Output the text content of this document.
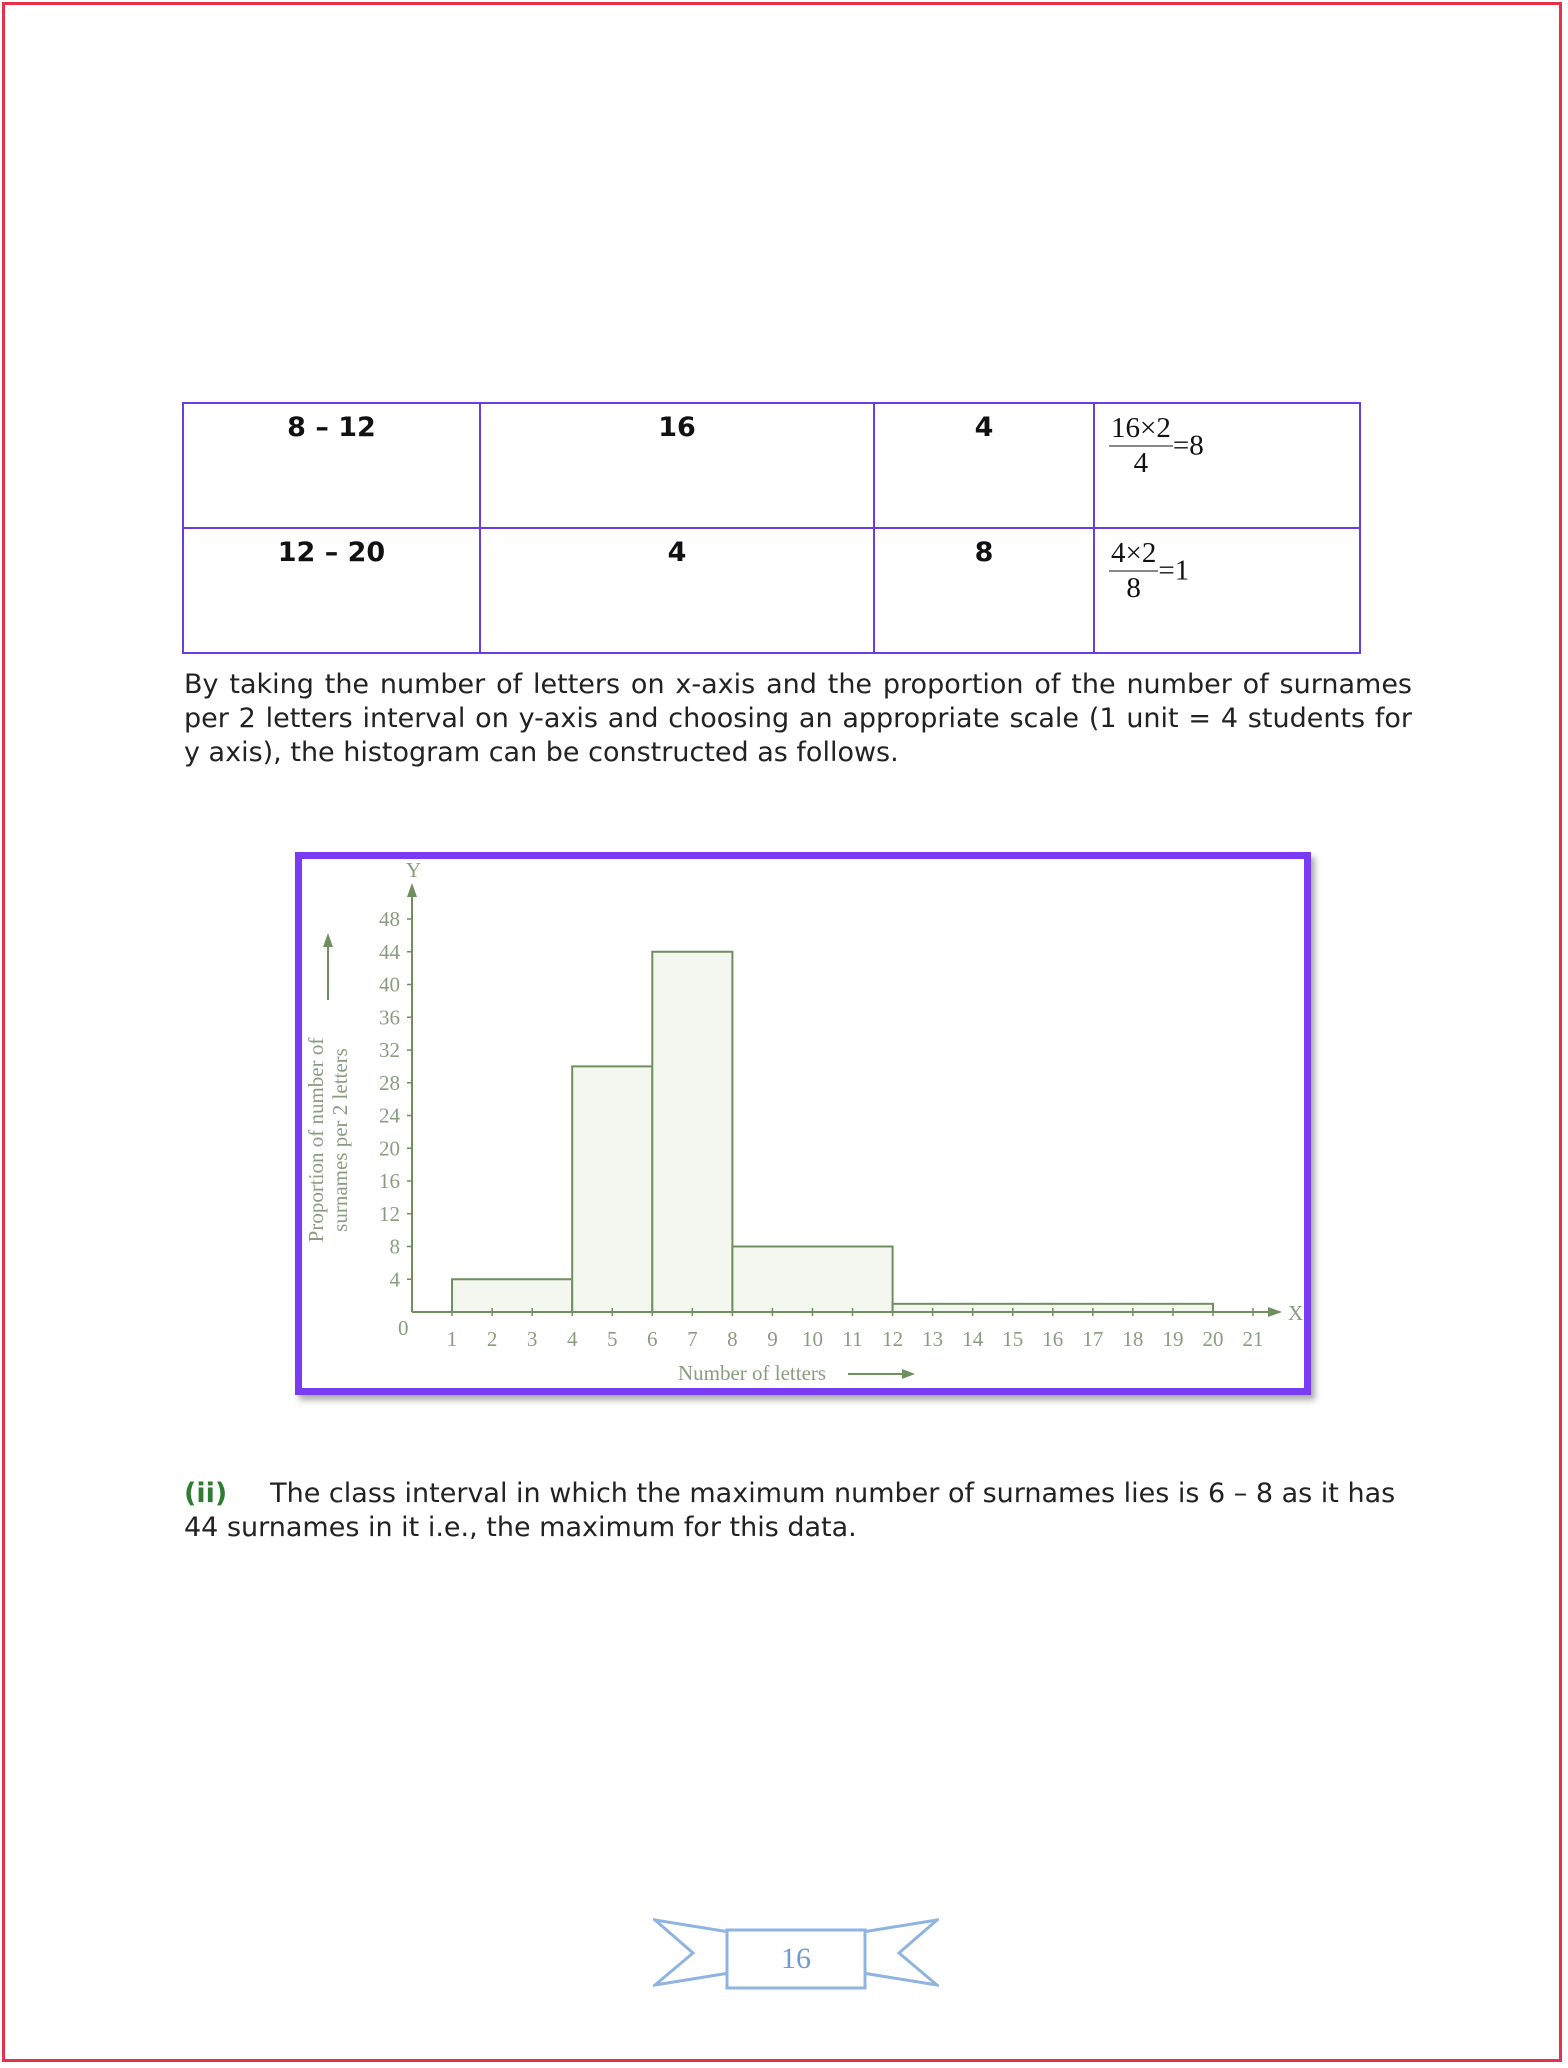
8 – 12	16	4	$\frac{16\times 2}{4} =8$
12 – 20	4	8	$\frac{4\times 2}{8} =1$

By taking the number of letters on x-axis and the proportion of the number of surnames per 2 letters interval on y-axis and choosing an appropriate scale (1 unit = 4 students for y axis), the histogram can be constructed as follows.

X
Y
0 1 2 3 4 5 6 7 8 9 10 11 12 13 14 15 16 17 18 19 20 21
4
8
12
16
20
24
28
32
36
40
44
48
Number of letters
Proportion of number of surnames per 2 letters

(ii) The class interval in which the maximum number of surnames lies is 6 – 8 as it has 44 surnames in it i.e., the maximum for this data.

16
